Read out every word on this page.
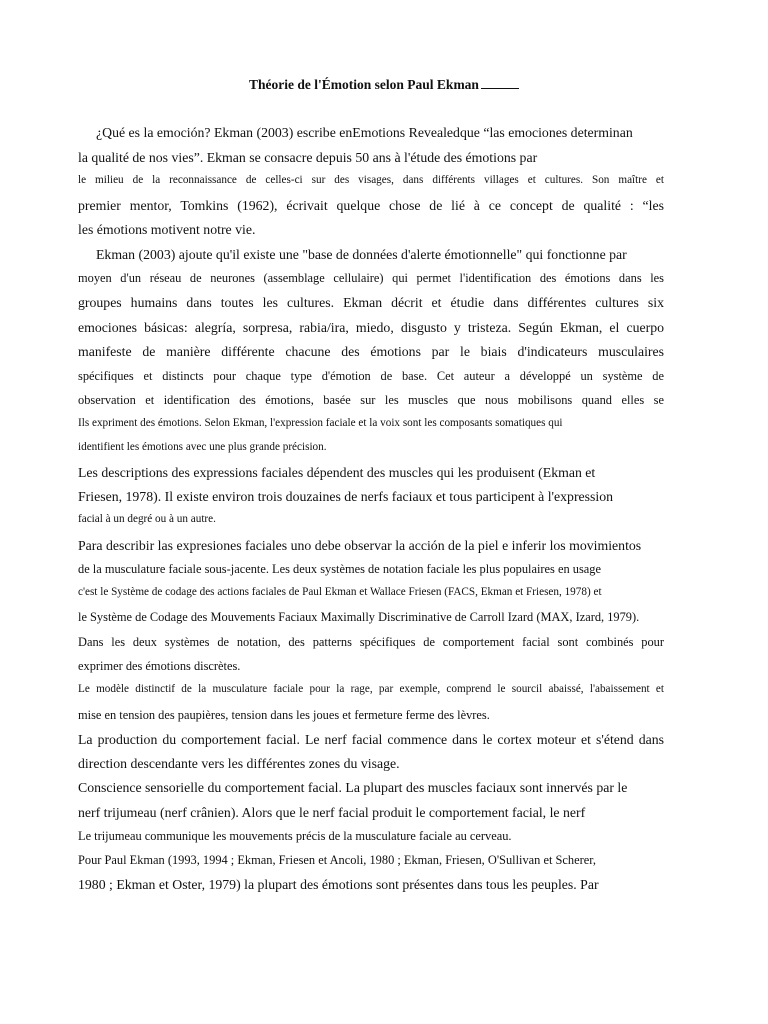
Théorie de l'Émotion selon Paul Ekman
¿Qué es la emoción? Ekman (2003) escribe enEmotions Revealedque “las emociones determinan
la qualité de nos vies”. Ekman se consacre depuis 50 ans à l'étude des émotions par
le milieu de la reconnaissance de celles-ci sur des visages, dans différents villages et cultures. Son maître et
premier mentor, Tomkins (1962), écrivait quelque chose de lié à ce concept de qualité : “les
les émotions motivent notre vie.
Ekman (2003) ajoute qu'il existe une "base de données d'alerte émotionnelle" qui fonctionne par
moyen d'un réseau de neurones (assemblage cellulaire) qui permet l'identification des émotions dans les
groupes humains dans toutes les cultures. Ekman décrit et étudie dans différentes cultures six
emociones básicas: alegría, sorpresa, rabia/ira, miedo, disgusto y tristeza. Según Ekman, el cuerpo
manifeste de manière différente chacune des émotions par le biais d'indicateurs musculaires
spécifiques et distincts pour chaque type d'émotion de base. Cet auteur a développé un système de
observation et identification des émotions, basée sur les muscles que nous mobilisons quand elles se
Ils expriment des émotions. Selon Ekman, l'expression faciale et la voix sont les composants somatiques qui
identifient les émotions avec une plus grande précision.
Les descriptions des expressions faciales dépendent des muscles qui les produisent (Ekman et
Friesen, 1978). Il existe environ trois douzaines de nerfs faciaux et tous participent à l'expression
facial à un degré ou à un autre.
Para describir las expresiones faciales uno debe observar la acción de la piel e inferir los movimientos
de la musculature faciale sous-jacente. Les deux systèmes de notation faciale les plus populaires en usage
c'est le Système de codage des actions faciales de Paul Ekman et Wallace Friesen (FACS, Ekman et Friesen, 1978) et
le Système de Codage des Mouvements Faciaux Maximally Discriminative de Carroll Izard (MAX, Izard, 1979).
Dans les deux systèmes de notation, des patterns spécifiques de comportement facial sont combinés pour
exprimer des émotions discrètes.
Le modèle distinctif de la musculature faciale pour la rage, par exemple, comprend le sourcil abaissé, l'abaissement et
mise en tension des paupières, tension dans les joues et fermeture ferme des lèvres.
La production du comportement facial. Le nerf facial commence dans le cortex moteur et s'étend dans
direction descendante vers les différentes zones du visage.
Conscience sensorielle du comportement facial. La plupart des muscles faciaux sont innervés par le
nerf trijumeau (nerf crânien). Alors que le nerf facial produit le comportement facial, le nerf
Le trijumeau communique les mouvements précis de la musculature faciale au cerveau.
Pour Paul Ekman (1993, 1994 ; Ekman, Friesen et Ancoli, 1980 ; Ekman, Friesen, O'Sullivan et Scherer,
1980 ; Ekman et Oster, 1979) la plupart des émotions sont présentes dans tous les peuples. Par
